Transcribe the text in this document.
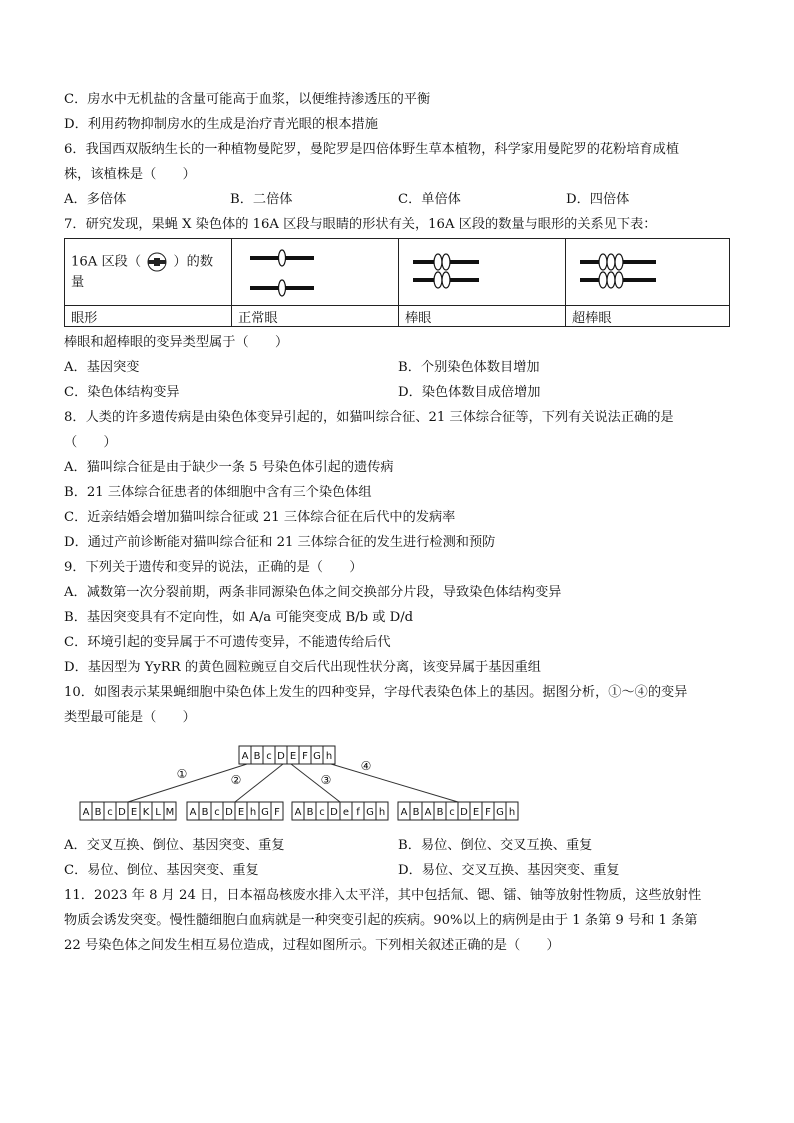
C．房水中无机盐的含量可能高于血浆，以便维持渗透压的平衡
D．利用药物抑制房水的生成是治疗青光眼的根本措施
6．我国西双版纳生长的一种植物曼陀罗，曼陀罗是四倍体野生草本植物，科学家用曼陀罗的花粉培育成植
株，该植株是（　　）
A．多倍体	B．二倍体	C．单倍体	D．四倍体
7．研究发现，果蝇 X 染色体的 16A 区段与眼睛的形状有关，16A 区段的数量与眼形的关系见下表：
16A 区段（ ）的数
量

眼形	正常眼	棒眼	超棒眼
棒眼和超棒眼的变异类型属于（　　）
A．基因突变	B．个别染色体数目增加
C．染色体结构变异	D．染色体数目成倍增加
8．人类的许多遗传病是由染色体变异引起的，如猫叫综合征、21 三体综合征等，下列有关说法正确的是
（　　）
A．猫叫综合征是由于缺少一条 5 号染色体引起的遗传病
B．21 三体综合征患者的体细胞中含有三个染色体组
C．近亲结婚会增加猫叫综合征或 21 三体综合征在后代中的发病率
D．通过产前诊断能对猫叫综合征和 21 三体综合征的发生进行检测和预防
9．下列关于遗传和变异的说法，正确的是（　　）
A．减数第一次分裂前期，两条非同源染色体之间交换部分片段，导致染色体结构变异
B．基因突变具有不定向性，如 A/a 可能突变成 B/b 或 D/d
C．环境引起的变异属于不可遗传变异，不能遗传给后代
D．基因型为 YyRR 的黄色圆粒豌豆自交后代出现性状分离，该变异属于基因重组
10．如图表示某果蝇细胞中染色体上发生的四种变异，字母代表染色体上的基因。据图分析，①～④的变异
类型最可能是（　　）
①	②	③
④
A B c D E F G h
A B c D E K L M A B c D E h G F A B c D e f G h A B A B c D E F G h
A．交叉互换、倒位、基因突变、重复	B．易位、倒位、交叉互换、重复
C．易位、倒位、基因突变、重复	D．易位、交叉互换、基因突变、重复
11．2023 年 8 月 24 日，日本福岛核废水排入太平洋，其中包括氚、锶、镭、铀等放射性物质，这些放射性
物质会诱发突变。慢性髓细胞白血病就是一种突变引起的疾病。90%以上的病例是由于 1 条第 9 号和 1 条第
22 号染色体之间发生相互易位造成，过程如图所示。下列相关叙述正确的是（　　）
